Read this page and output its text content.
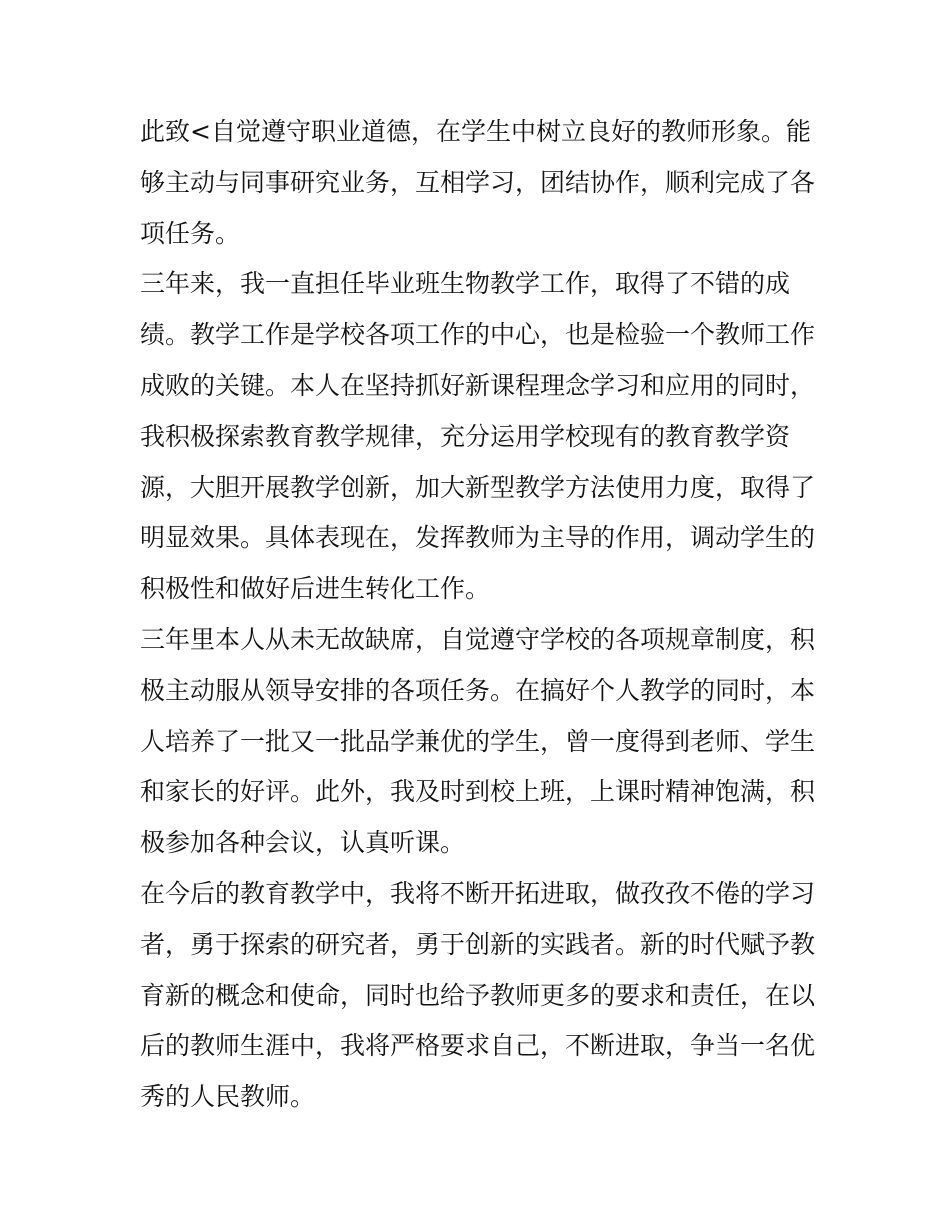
此致<自觉遵守职业道德，在学生中树立良好的教师形象。能
够主动与同事研究业务，互相学习，团结协作，顺利完成了各
项任务。
三年来，我一直担任毕业班生物教学工作，取得了不错的成
绩。教学工作是学校各项工作的中心，也是检验一个教师工作
成败的关键。本人在坚持抓好新课程理念学习和应用的同时，
我积极探索教育教学规律，充分运用学校现有的教育教学资
源，大胆开展教学创新，加大新型教学方法使用力度，取得了
明显效果。具体表现在，发挥教师为主导的作用，调动学生的
积极性和做好后进生转化工作。
三年里本人从未无故缺席，自觉遵守学校的各项规章制度，积
极主动服从领导安排的各项任务。在搞好个人教学的同时，本
人培养了一批又一批品学兼优的学生，曾一度得到老师、学生
和家长的好评。此外，我及时到校上班，上课时精神饱满，积
极参加各种会议，认真听课。
在今后的教育教学中，我将不断开拓进取，做孜孜不倦的学习
者，勇于探索的研究者，勇于创新的实践者。新的时代赋予教
育新的概念和使命，同时也给予教师更多的要求和责任，在以
后的教师生涯中，我将严格要求自己，不断进取，争当一名优
秀的人民教师。
